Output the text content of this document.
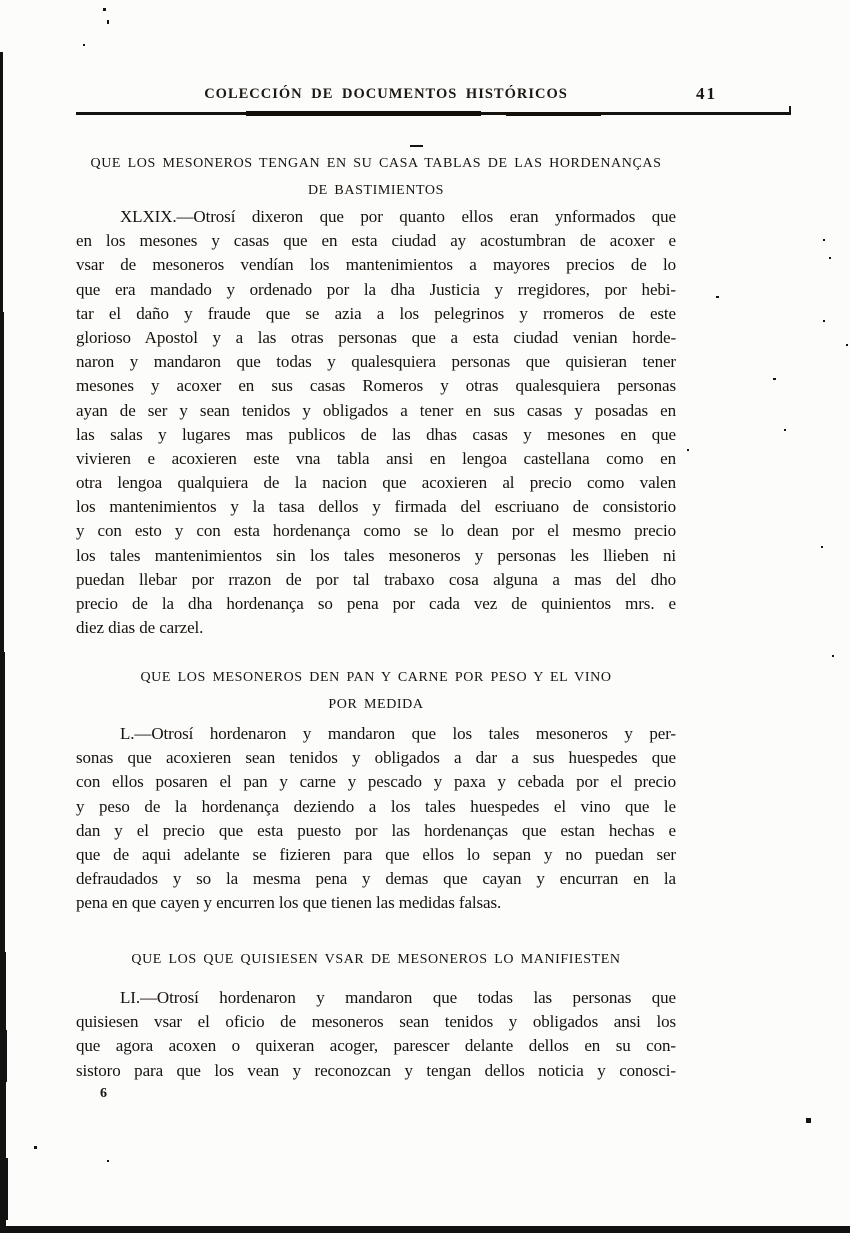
COLECCIÓN DE DOCUMENTOS HISTÓRICOS	41
QUE LOS MESONEROS TENGAN EN SU CASA TABLAS DE LAS HORDENANÇAS
DE BASTIMIENTOS
XLXIX.—Otrosí dixeron que por quanto ellos eran ynformados que
en los mesones y casas que en esta ciudad ay acostumbran de acoxer e
vsar de mesoneros vendían los mantenimientos a mayores precios de lo
que era mandado y ordenado por la dha Justicia y rregidores, por hebi-
tar el daño y fraude que se azia a los pelegrinos y rromeros de este
glorioso Apostol y a las otras personas que a esta ciudad venian horde-
naron y mandaron que todas y qualesquiera personas que quisieran tener
mesones y acoxer en sus casas Romeros y otras qualesquiera personas
ayan de ser y sean tenidos y obligados a tener en sus casas y posadas en
las salas y lugares mas publicos de las dhas casas y mesones en que
vivieren e acoxieren este vna tabla ansi en lengoa castellana como en
otra lengoa qualquiera de la nacion que acoxieren al precio como valen
los mantenimientos y la tasa dellos y firmada del escriuano de consistorio
y con esto y con esta hordenança como se lo dean por el mesmo precio
los tales mantenimientos sin los tales mesoneros y personas les llieben ni
puedan llebar por rrazon de por tal trabaxo cosa alguna a mas del dho
precio de la dha hordenança so pena por cada vez de quinientos mrs. e
diez dias de carzel.
QUE LOS MESONEROS DEN PAN Y CARNE POR PESO Y EL VINO
POR MEDIDA
L.—Otrosí hordenaron y mandaron que los tales mesoneros y per-
sonas que acoxieren sean tenidos y obligados a dar a sus huespedes que
con ellos posaren el pan y carne y pescado y paxa y cebada por el precio
y peso de la hordenança deziendo a los tales huespedes el vino que le
dan y el precio que esta puesto por las hordenanças que estan hechas e
que de aqui adelante se fizieren para que ellos lo sepan y no puedan ser
defraudados y so la mesma pena y demas que cayan y encurran en la
pena en que cayen y encurren los que tienen las medidas falsas.
QUE LOS QUE QUISIESEN VSAR DE MESONEROS LO MANIFIESTEN
LI.—Otrosí hordenaron y mandaron que todas las personas que
quisiesen vsar el oficio de mesoneros sean tenidos y obligados ansi los
que agora acoxen o quixeran acoger, parescer delante dellos en su con-
sistoro para que los vean y reconozcan y tengan dellos noticia y conosci-
6
